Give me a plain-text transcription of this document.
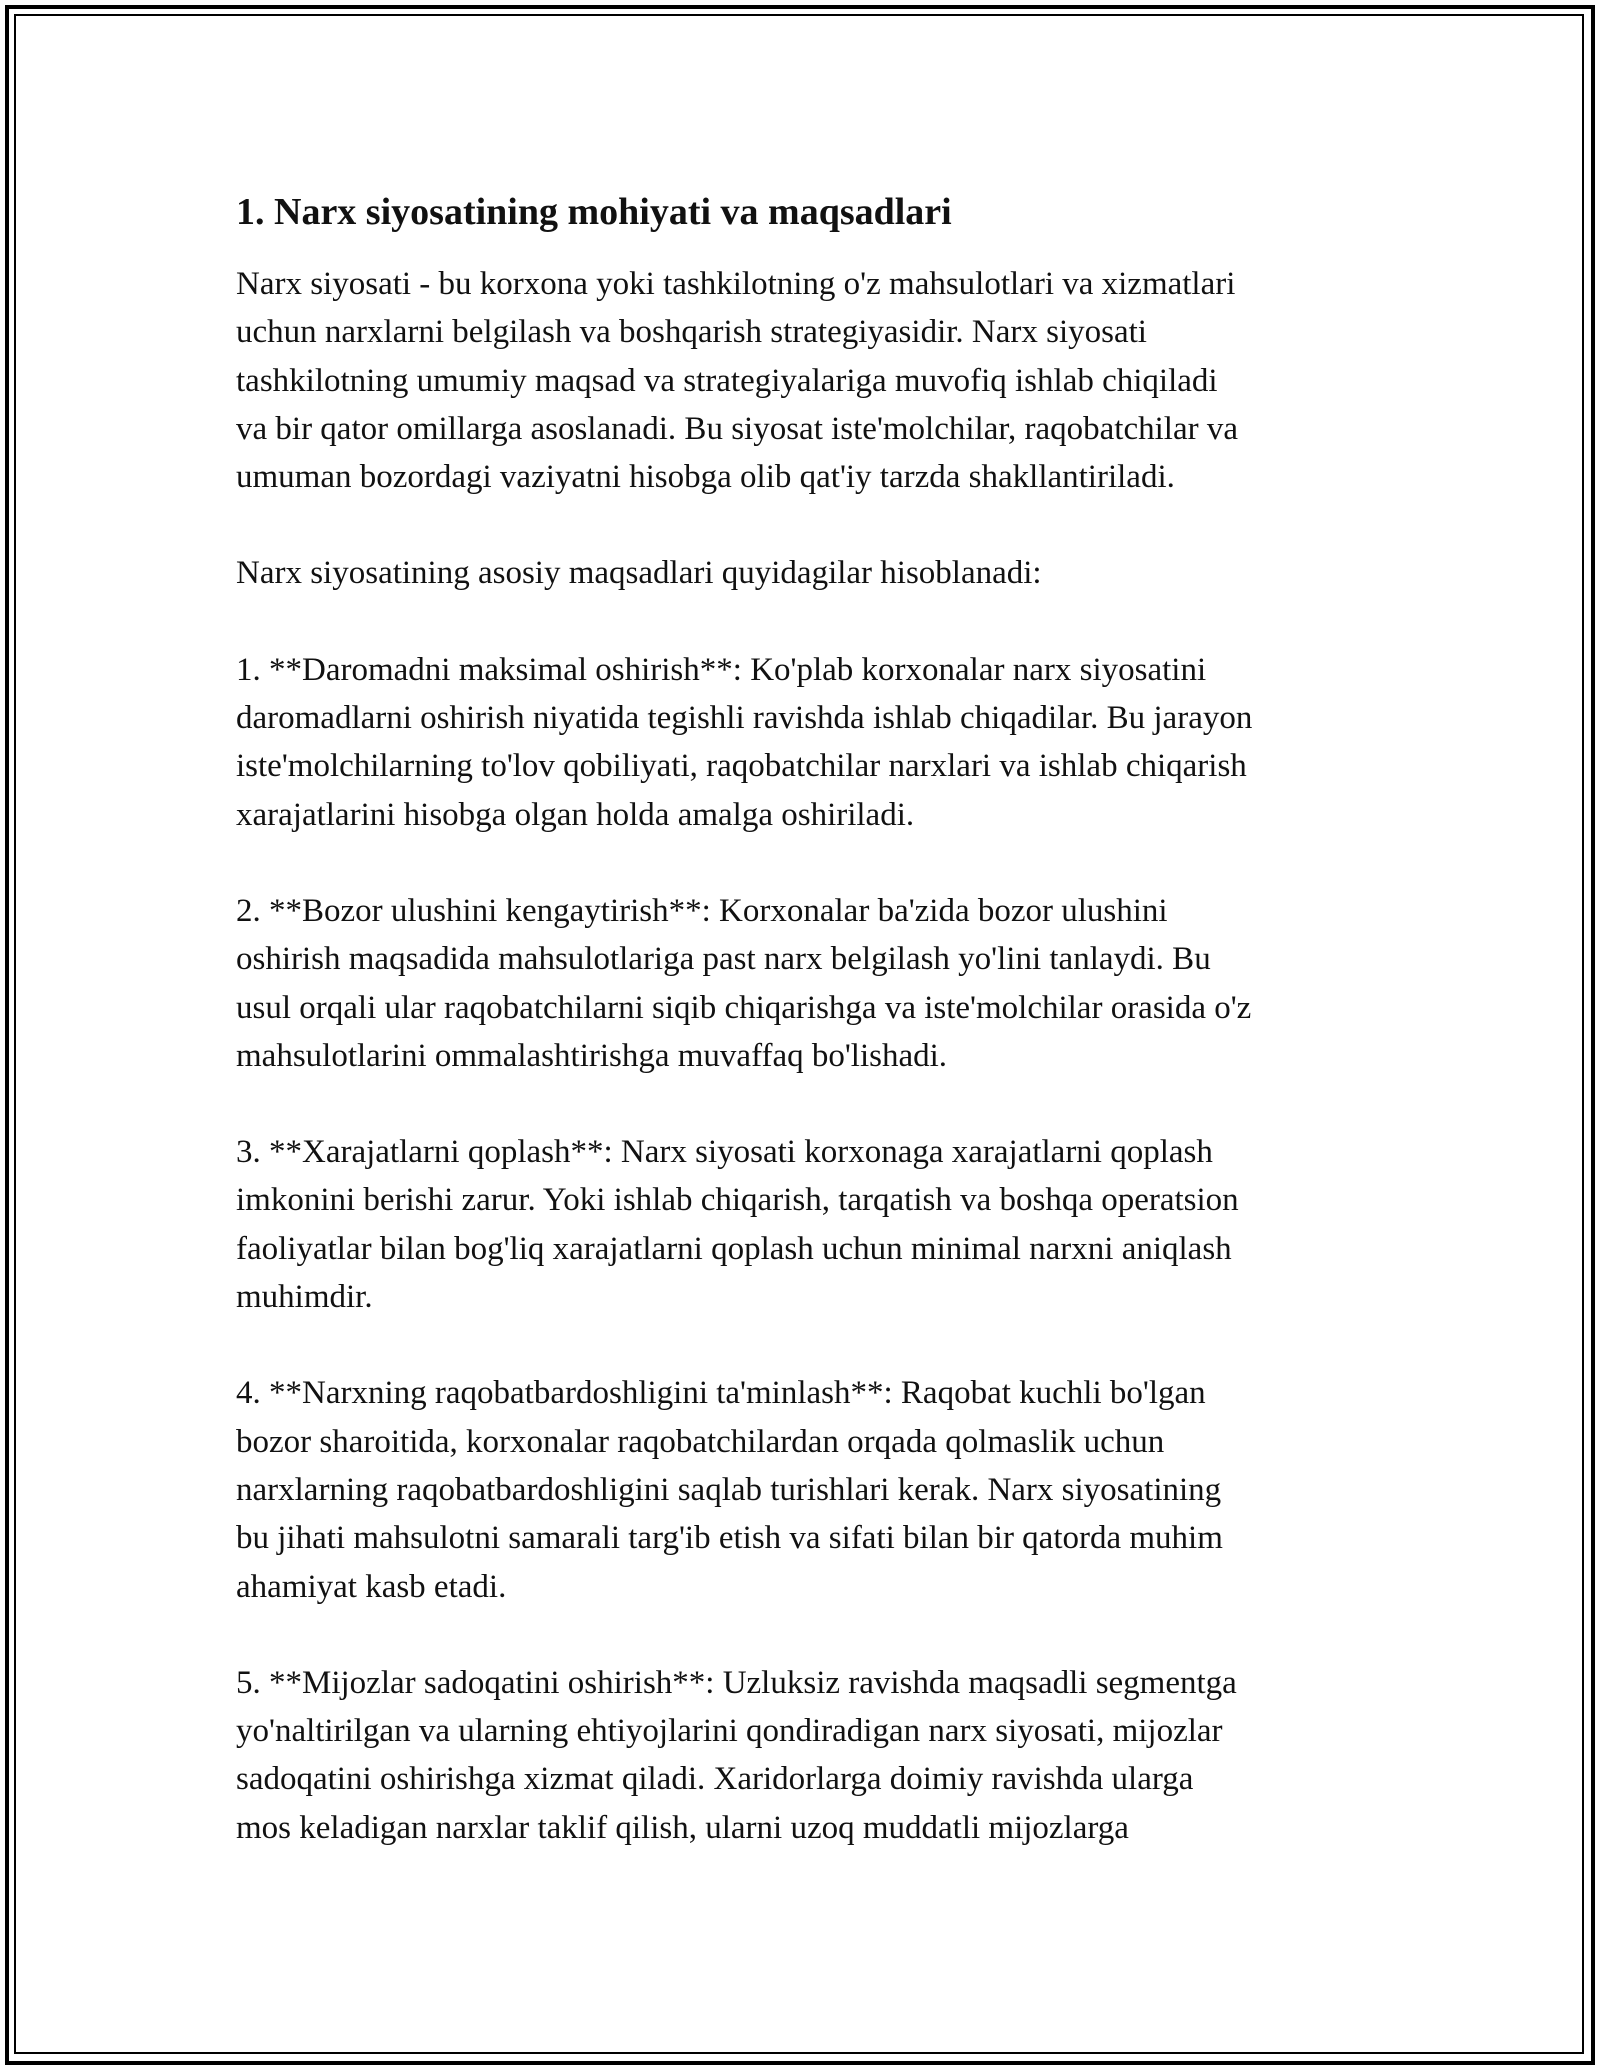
1. Narx siyosatining mohiyati va maqsadlari

Narx siyosati - bu korxona yoki tashkilotning o'z mahsulotlari va xizmatlari
uchun narxlarni belgilash va boshqarish strategiyasidir. Narx siyosati
tashkilotning umumiy maqsad va strategiyalariga muvofiq ishlab chiqiladi
va bir qator omillarga asoslanadi. Bu siyosat iste'molchilar, raqobatchilar va
umuman bozordagi vaziyatni hisobga olib qat'iy tarzda shakllantiriladi.

Narx siyosatining asosiy maqsadlari quyidagilar hisoblanadi:

1. **Daromadni maksimal oshirish**: Ko'plab korxonalar narx siyosatini
daromadlarni oshirish niyatida tegishli ravishda ishlab chiqadilar. Bu jarayon
iste'molchilarning to'lov qobiliyati, raqobatchilar narxlari va ishlab chiqarish
xarajatlarini hisobga olgan holda amalga oshiriladi.

2. **Bozor ulushini kengaytirish**: Korxonalar ba'zida bozor ulushini
oshirish maqsadida mahsulotlariga past narx belgilash yo'lini tanlaydi. Bu
usul orqali ular raqobatchilarni siqib chiqarishga va iste'molchilar orasida o'z
mahsulotlarini ommalashtirishga muvaffaq bo'lishadi.

3. **Xarajatlarni qoplash**: Narx siyosati korxonaga xarajatlarni qoplash
imkonini berishi zarur. Yoki ishlab chiqarish, tarqatish va boshqa operatsion
faoliyatlar bilan bog'liq xarajatlarni qoplash uchun minimal narxni aniqlash
muhimdir.

4. **Narxning raqobatbardoshligini ta'minlash**: Raqobat kuchli bo'lgan
bozor sharoitida, korxonalar raqobatchilardan orqada qolmaslik uchun
narxlarning raqobatbardoshligini saqlab turishlari kerak. Narx siyosatining
bu jihati mahsulotni samarali targ'ib etish va sifati bilan bir qatorda muhim
ahamiyat kasb etadi.

5. **Mijozlar sadoqatini oshirish**: Uzluksiz ravishda maqsadli segmentga
yo'naltirilgan va ularning ehtiyojlarini qondiradigan narx siyosati, mijozlar
sadoqatini oshirishga xizmat qiladi. Xaridorlarga doimiy ravishda ularga
mos keladigan narxlar taklif qilish, ularni uzoq muddatli mijozlarga
